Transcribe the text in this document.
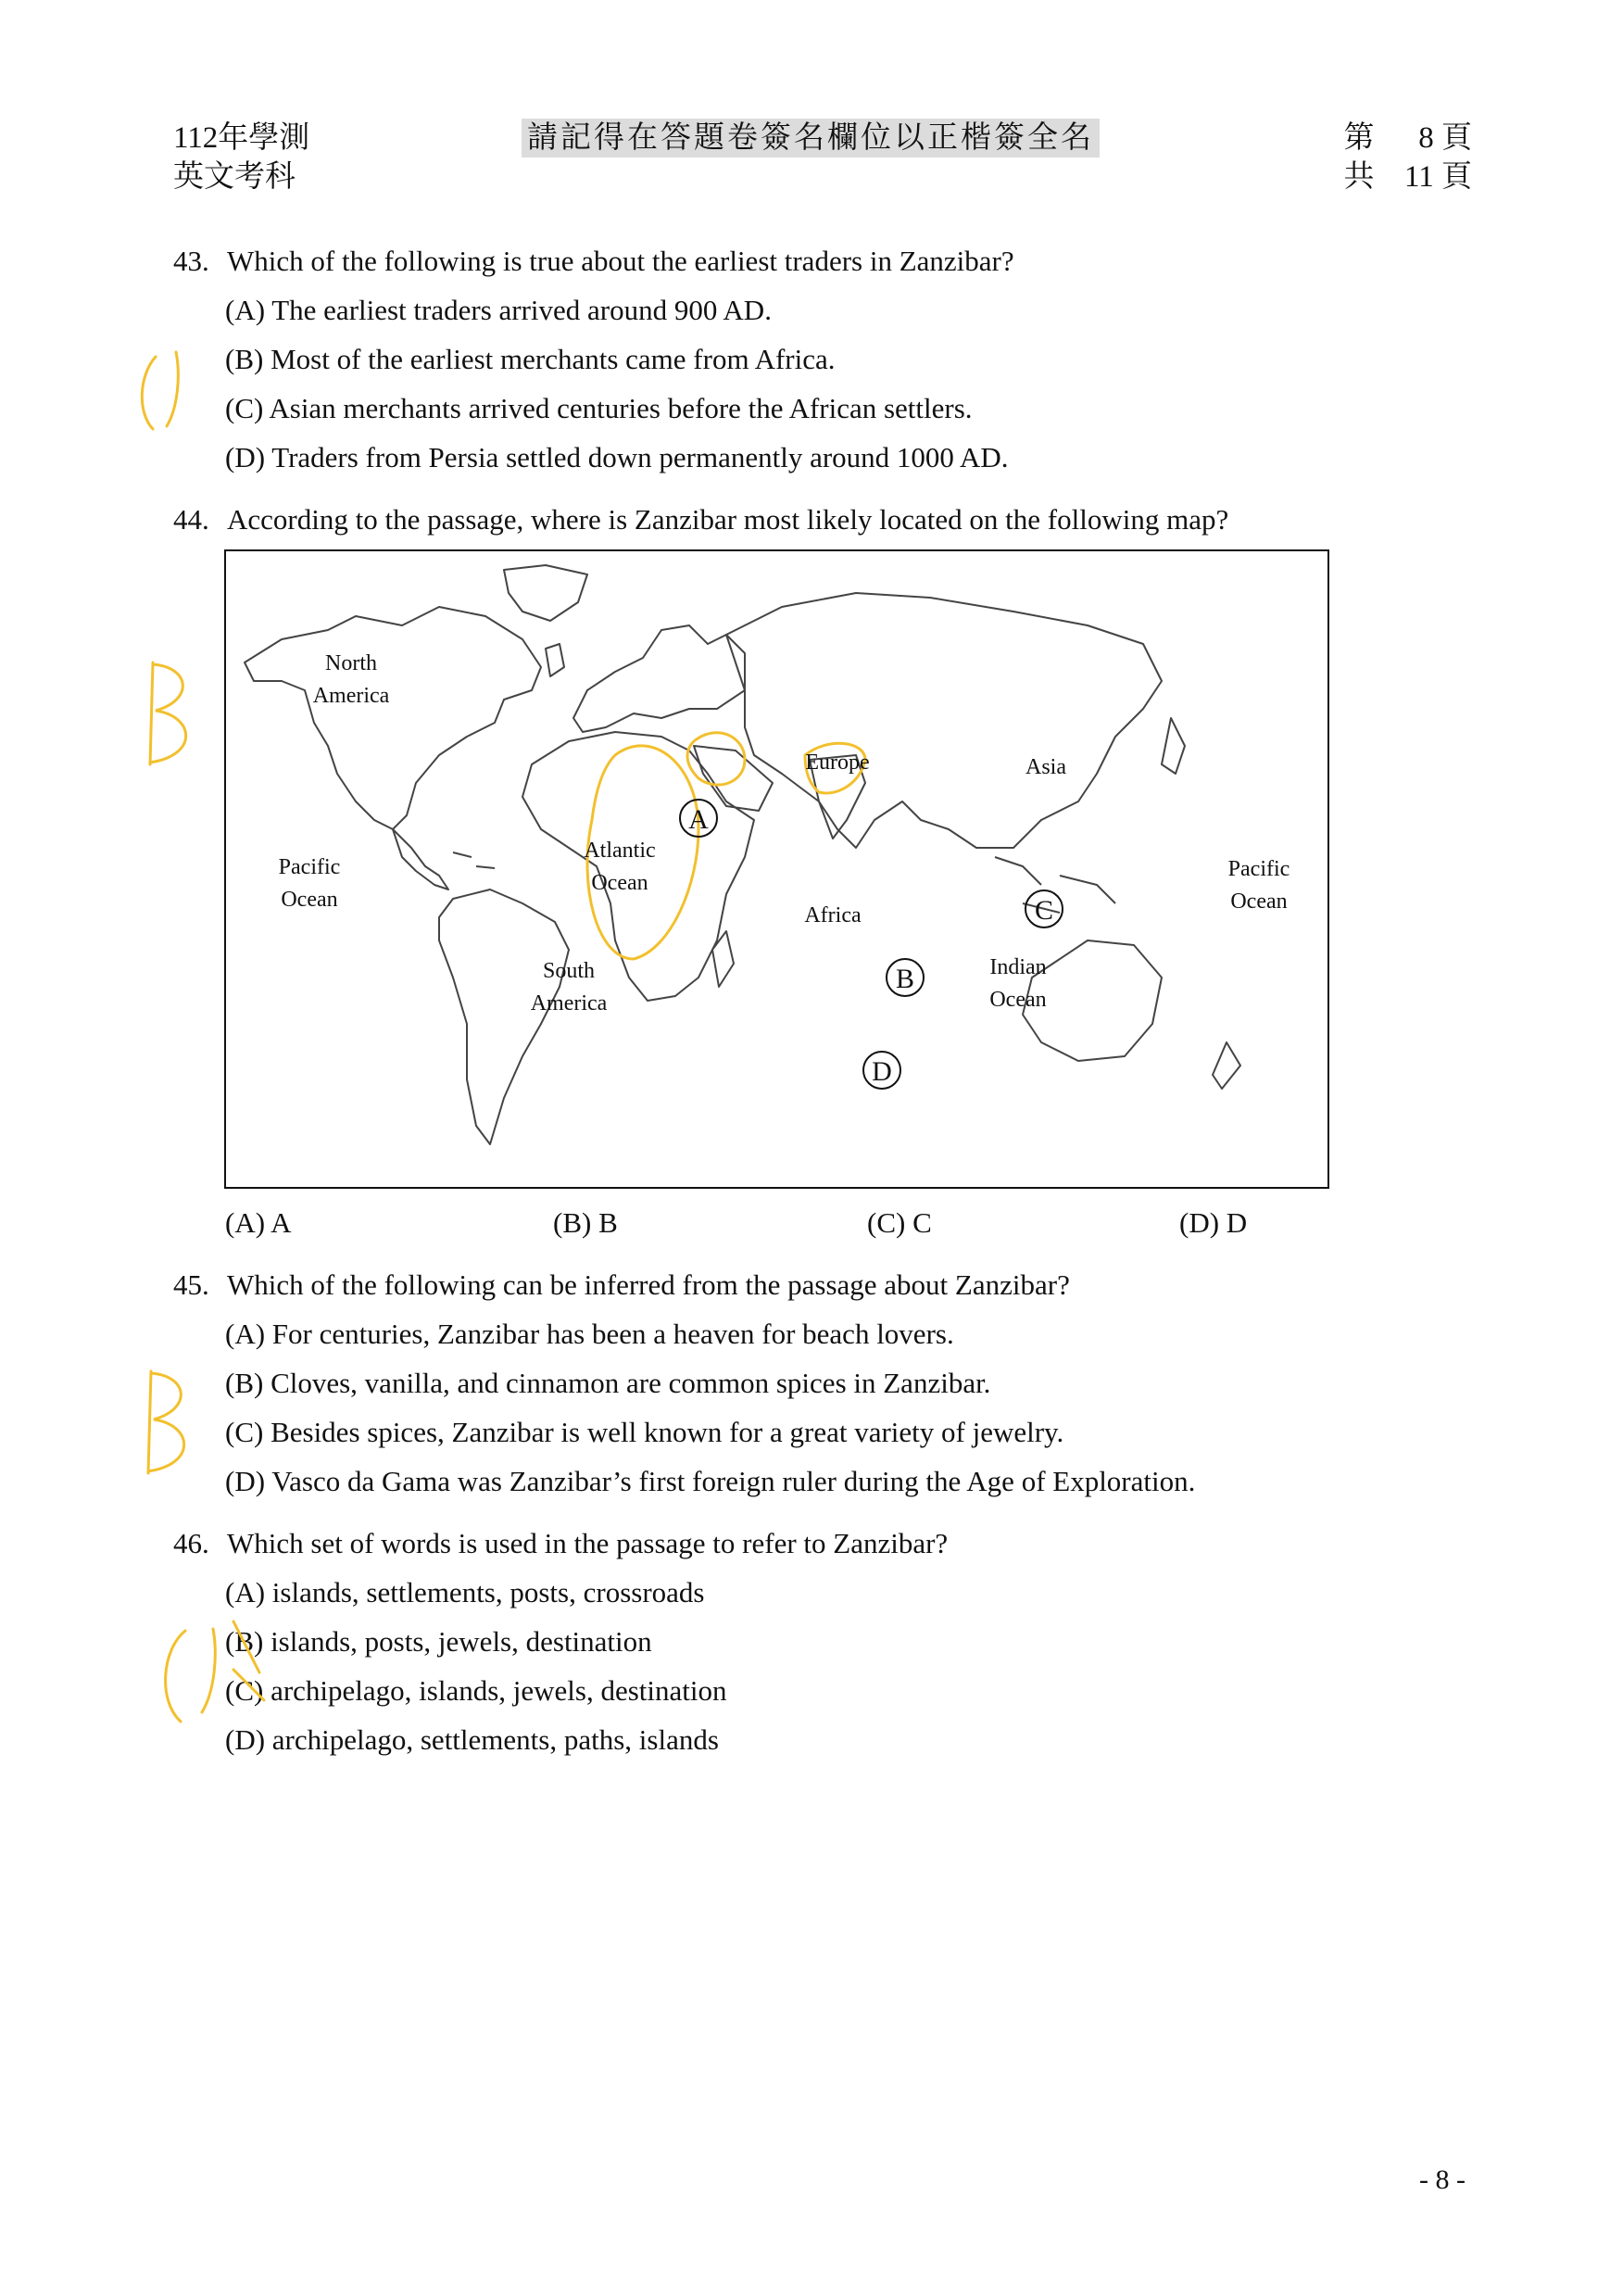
112年學測
英文考科
請記得在答題卷簽名欄位以正楷簽全名	第 8 頁
共 11 頁
43. Which of the following is true about the earliest traders in Zanzibar?
(A) The earliest traders arrived around 900 AD.
(B) Most of the earliest merchants came from Africa.
(C) Asian merchants arrived centuries before the African settlers.
(D) Traders from Persia settled down permanently around 1000 AD.
44. According to the passage, where is Zanzibar most likely located on the following map?
North
America
Europe	Asia
Pacific
Ocean
Atlantic
Ocean
Africa
South
America
Indian
Ocean
Pacific
Ocean
A
B
C
D
(A) A	(B) B	(C) C	(D) D
45. Which of the following can be inferred from the passage about Zanzibar?
(A) For centuries, Zanzibar has been a heaven for beach lovers.
(B) Cloves, vanilla, and cinnamon are common spices in Zanzibar.
(C) Besides spices, Zanzibar is well known for a great variety of jewelry.
(D) Vasco da Gama was Zanzibar’s first foreign ruler during the Age of Exploration.
46. Which set of words is used in the passage to refer to Zanzibar?
(A) islands, settlements, posts, crossroads
(B) islands, posts, jewels, destination
(C) archipelago, islands, jewels, destination
(D) archipelago, settlements, paths, islands
- 8 -
